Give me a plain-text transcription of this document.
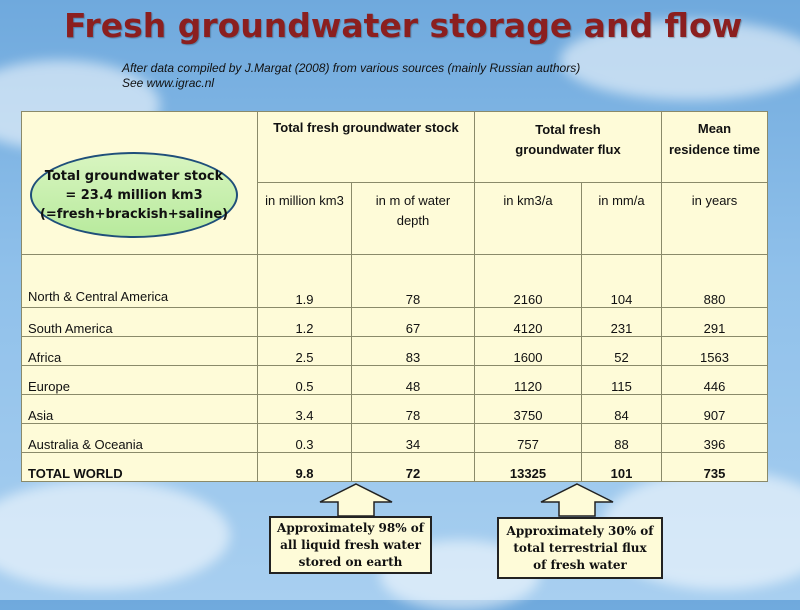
Fresh groundwater storage and flow
After data compiled by J.Margat (2008) from various sources (mainly Russian authors)
See www.igrac.nl
Total groundwater stock
= 23.4 million km3
(=fresh+brackish+saline)	Total fresh groundwater stock		Total fresh groundwater flux		Mean residence time
	in million km3	in m of water depth	in km3/a	in mm/a	in years
North & Central America	1.9	78	2160	104	880
South America	1.2	67	4120	231	291
Africa	2.5	83	1600	52	1563
Europe	0.5	48	1120	115	446
Asia	3.4	78	3750	84	907
Australia & Oceania	0.3	34	757	88	396
TOTAL WORLD	9.8	72	13325	101	735
Approximately 98% of all liquid fresh water stored on earth
Approximately 30% of total terrestrial flux of fresh water
